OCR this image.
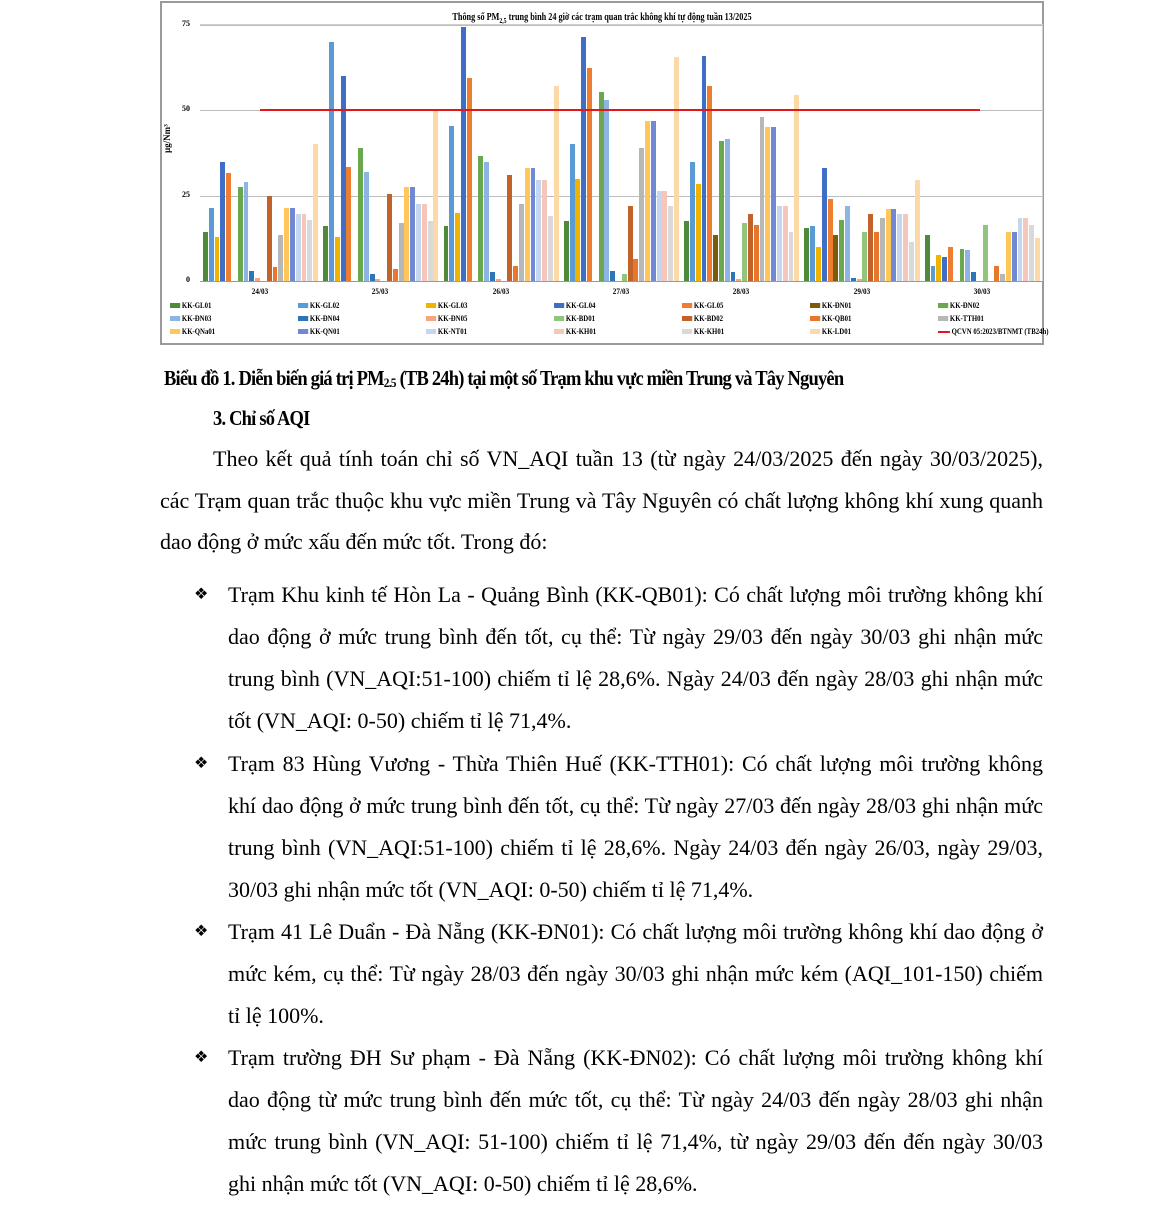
Thông số $PM_{2,5}$ trung bình 24 giờ các trạm quan trắc không khí tự động tuần 13/2025
µg/Nm³
0
25
50
75
KK-GL01	KK-GL02	KK-GL03	KK-GL04	KK-GL05	KK-ĐN01	KK-ĐN02
KK-ĐN03	KK-ĐN04	KK-ĐN05	KK-BD01	KK-BD02	KK-QB01	KK-TTH01
KK-QNa01	KK-QN01	KK-NT01	KK-KH01	KK-KH01	KK-LD01	QCVN 05:2023/BTNMT (TB24h)
24/03	25/03	26/03	27/03	28/03	29/03	30/03
Biểu đồ 1. Diễn biến giá trị $PM_{2.5}$ (TB 24h) tại một số Trạm khu vực miền Trung và Tây Nguyên
3. Chỉ số AQI
Theo kết quả tính toán chỉ số VN_AQI tuần 13 (từ ngày 24/03/2025 đến ngày 30/03/2025), các Trạm quan trắc thuộc khu vực miền Trung và Tây Nguyên có chất lượng không khí xung quanh dao động ở mức xấu đến mức tốt. Trong đó:
❖ Trạm Khu kinh tế Hòn La - Quảng Bình (KK-QB01): Có chất lượng môi trường không khí dao động ở mức trung bình đến tốt, cụ thể: Từ ngày 29/03 đến ngày 30/03 ghi nhận mức trung bình (VN_AQI:51-100) chiếm tỉ lệ 28,6%. Ngày 24/03 đến ngày 28/03 ghi nhận mức tốt (VN_AQI: 0-50) chiếm tỉ lệ 71,4%.
❖ Trạm 83 Hùng Vương - Thừa Thiên Huế (KK-TTH01): Có chất lượng môi trường không khí dao động ở mức trung bình đến tốt, cụ thể: Từ ngày 27/03 đến ngày 28/03 ghi nhận mức trung bình (VN_AQI:51-100) chiếm tỉ lệ 28,6%. Ngày 24/03 đến ngày 26/03, ngày 29/03, 30/03 ghi nhận mức tốt (VN_AQI: 0-50) chiếm tỉ lệ 71,4%.
❖ Trạm 41 Lê Duẩn - Đà Nẵng (KK-ĐN01): Có chất lượng môi trường không khí dao động ở mức kém, cụ thể: Từ ngày 28/03 đến ngày 30/03 ghi nhận mức kém (AQI_101-150) chiếm tỉ lệ 100%.
❖ Trạm trường ĐH Sư phạm - Đà Nẵng (KK-ĐN02): Có chất lượng môi trường không khí dao động từ mức trung bình đến mức tốt, cụ thể: Từ ngày 24/03 đến ngày 28/03 ghi nhận mức trung bình (VN_AQI: 51-100) chiếm tỉ lệ 71,4%, từ ngày 29/03 đến đến ngày 30/03 ghi nhận mức tốt (VN_AQI: 0-50) chiếm tỉ lệ 28,6%.
